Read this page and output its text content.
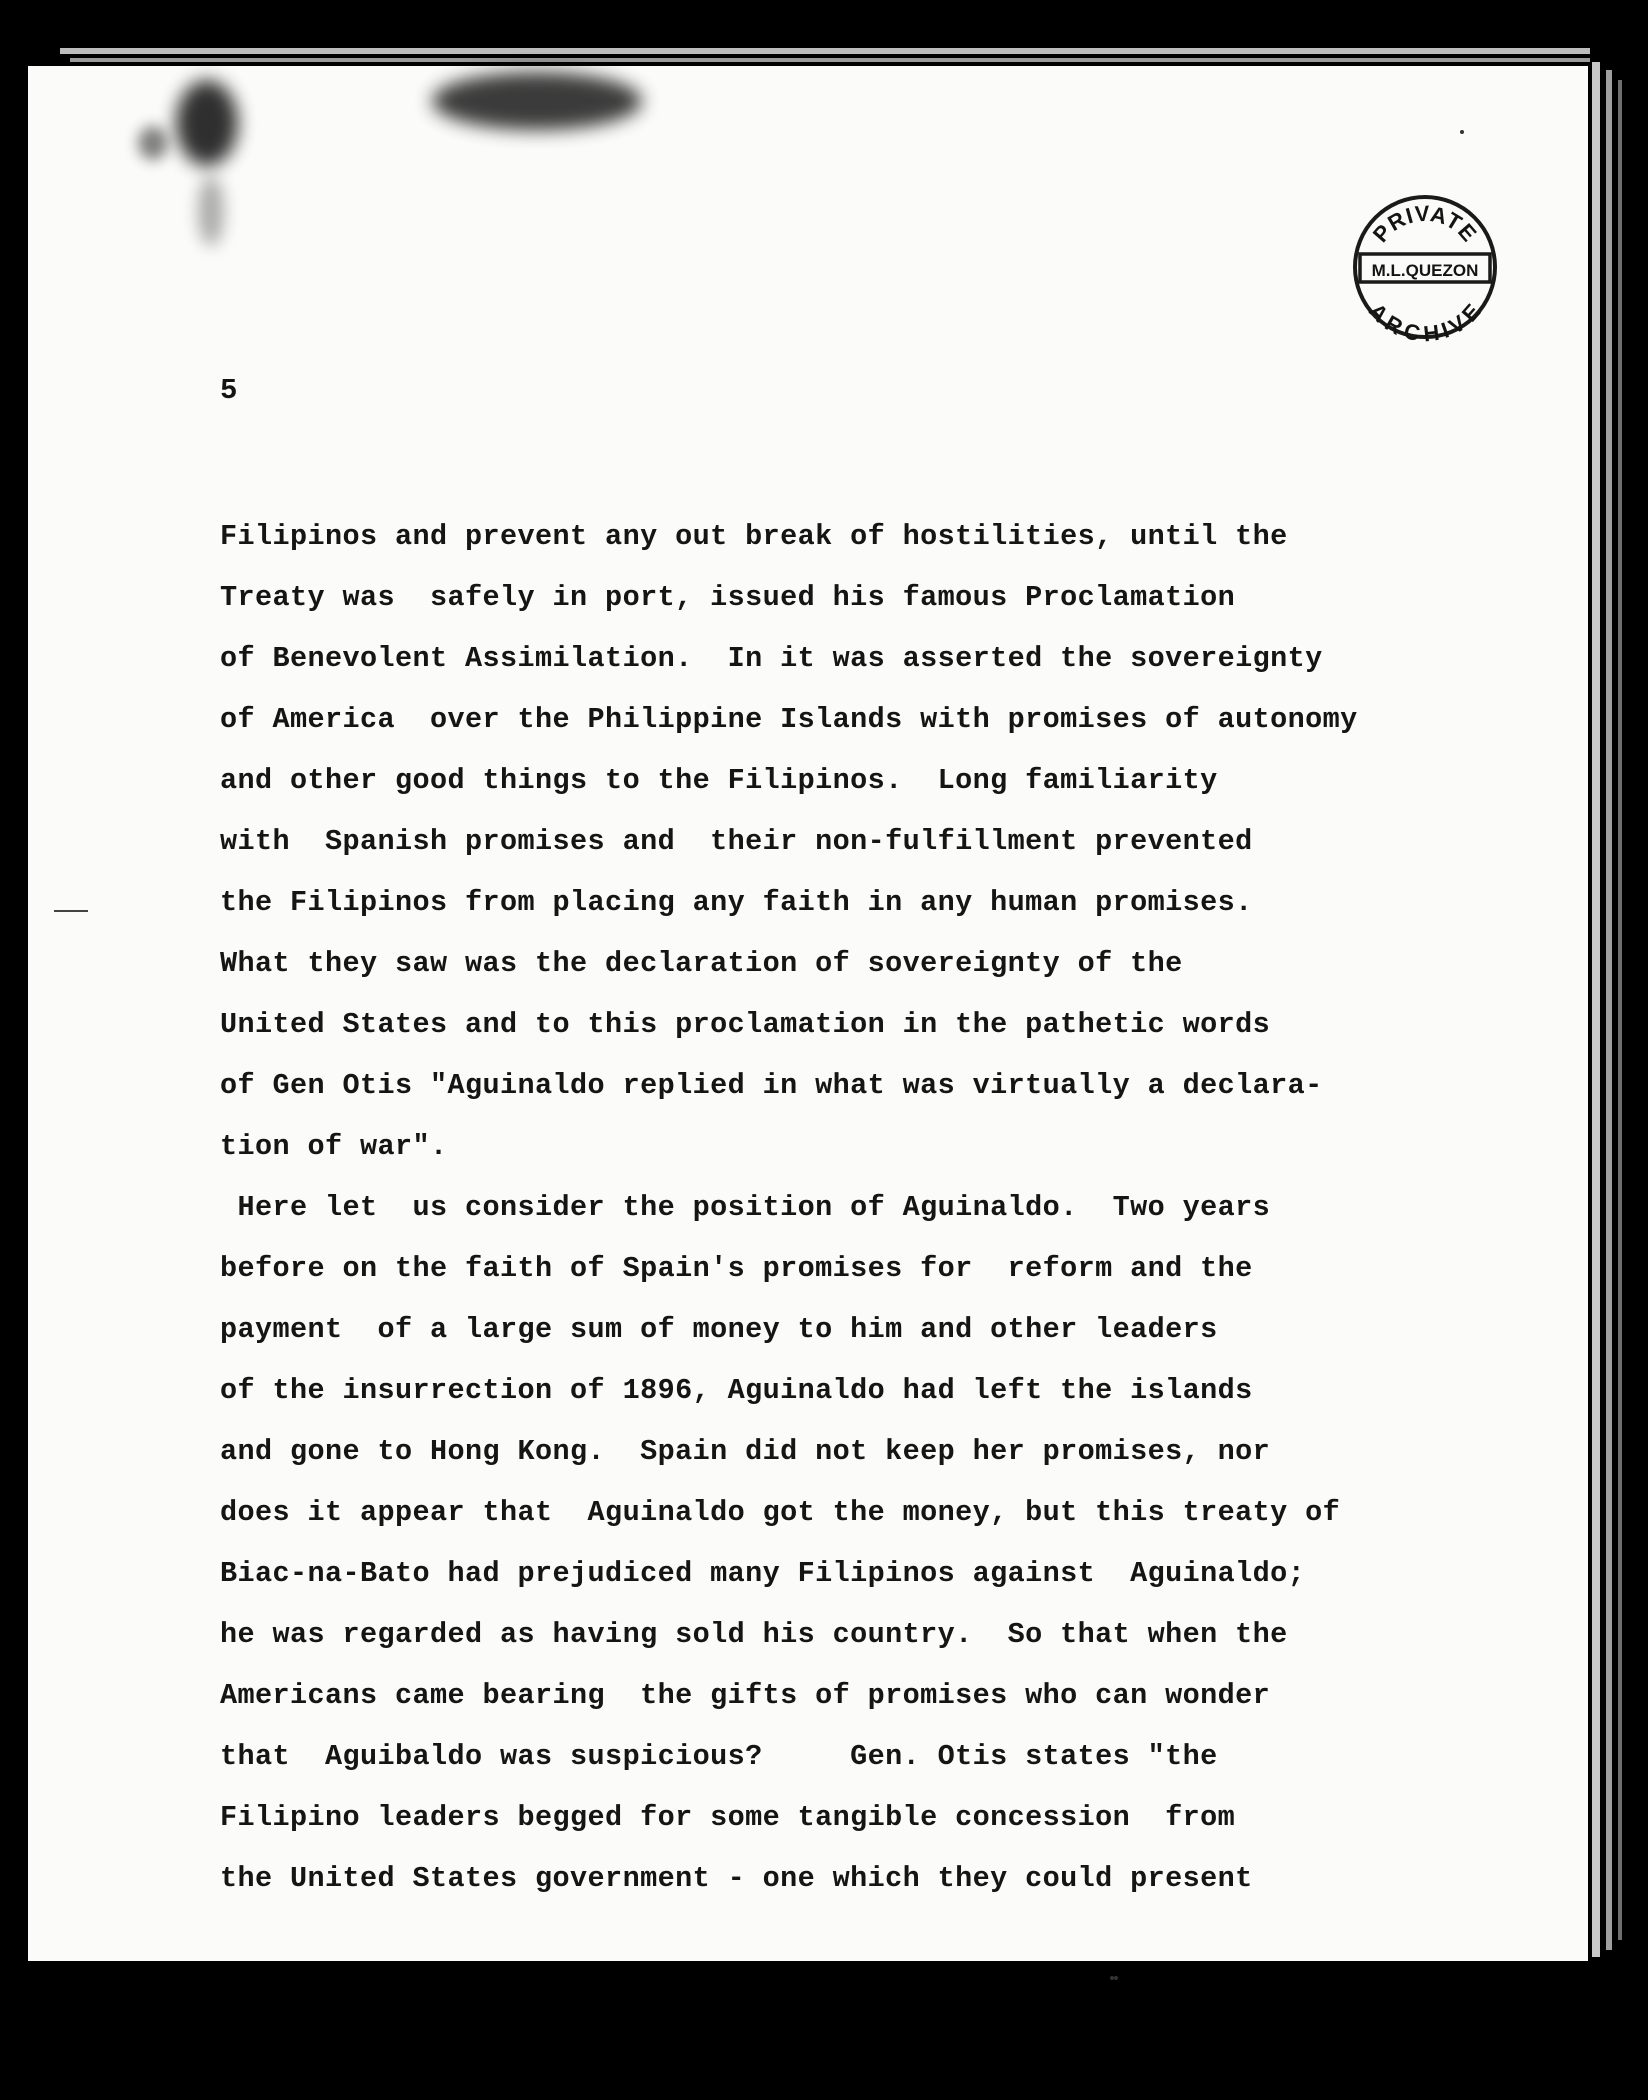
PRIVATE
M.L.QUEZON
ARCHIVE

5

Filipinos and prevent any out break of hostilities, until the
Treaty was  safely in port, issued his famous Proclamation
of Benevolent Assimilation.  In it was asserted the sovereignty
of America  over the Philippine Islands with promises of autonomy
and other good things to the Filipinos.  Long familiarity
with  Spanish promises and  their non-fulfillment prevented
the Filipinos from placing any faith in any human promises.
What they saw was the declaration of sovereignty of the
United States and to this proclamation in the pathetic words
of Gen Otis "Aguinaldo replied in what was virtually a declara-
tion of war".
Here let  us consider the position of Aguinaldo.  Two years
before on the faith of Spain's promises for  reform and the
payment  of a large sum of money to him and other leaders
of the insurrection of 1896, Aguinaldo had left the islands
and gone to Hong Kong.  Spain did not keep her promises, nor
does it appear that  Aguinaldo got the money, but this treaty of
Biac-na-Bato had prejudiced many Filipinos against  Aguinaldo;
he was regarded as having sold his country.  So that when the
Americans came bearing  the gifts of promises who can wonder
that  Aguibaldo was suspicious?     Gen. Otis states "the
Filipino leaders begged for some tangible concession  from
the United States government - one which they could present
